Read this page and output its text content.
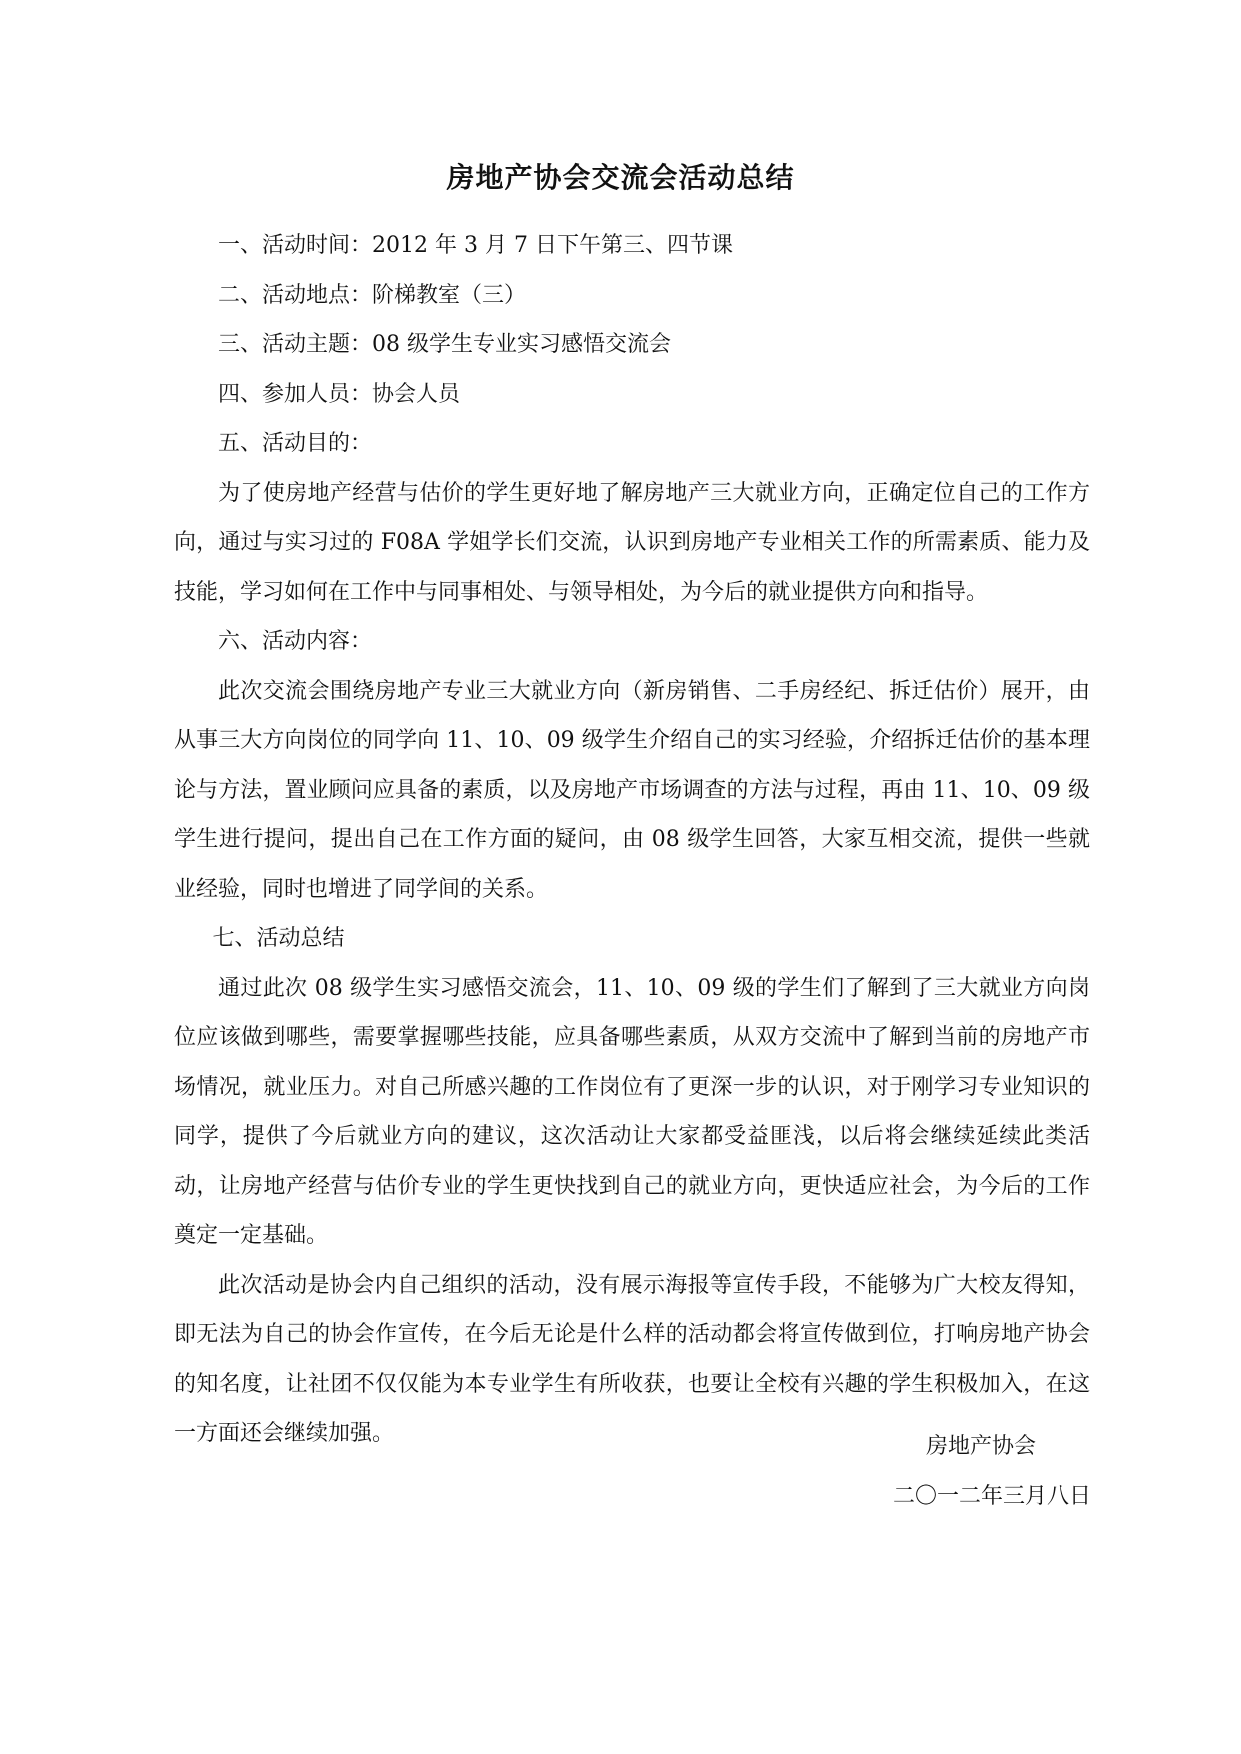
房地产协会交流会活动总结

一、活动时间：2012 年 3 月 7 日下午第三、四节课

二、活动地点：阶梯教室（三）

三、活动主题：08 级学生专业实习感悟交流会

四、参加人员：协会人员

五、活动目的：

为了使房地产经营与估价的学生更好地了解房地产三大就业方向，正确定位自己的工作方向，通过与实习过的 F08A 学姐学长们交流，认识到房地产专业相关工作的所需素质、能力及技能，学习如何在工作中与同事相处、与领导相处，为今后的就业提供方向和指导。

六、活动内容：

此次交流会围绕房地产专业三大就业方向（新房销售、二手房经纪、拆迁估价）展开，由从事三大方向岗位的同学向 11、10、09 级学生介绍自己的实习经验，介绍拆迁估价的基本理论与方法，置业顾问应具备的素质，以及房地产市场调查的方法与过程，再由 11、10、09 级学生进行提问，提出自己在工作方面的疑问，由 08 级学生回答，大家互相交流，提供一些就业经验，同时也增进了同学间的关系。

七、活动总结

通过此次 08 级学生实习感悟交流会，11、10、09 级的学生们了解到了三大就业方向岗位应该做到哪些，需要掌握哪些技能，应具备哪些素质，从双方交流中了解到当前的房地产市场情况，就业压力。对自己所感兴趣的工作岗位有了更深一步的认识，对于刚学习专业知识的同学，提供了今后就业方向的建议，这次活动让大家都受益匪浅，以后将会继续延续此类活动，让房地产经营与估价专业的学生更快找到自己的就业方向，更快适应社会，为今后的工作奠定一定基础。

此次活动是协会内自己组织的活动，没有展示海报等宣传手段，不能够为广大校友得知，即无法为自己的协会作宣传，在今后无论是什么样的活动都会将宣传做到位，打响房地产协会的知名度，让社团不仅仅能为本专业学生有所收获，也要让全校有兴趣的学生积极加入，在这一方面还会继续加强。

房地产协会
二〇一二年三月八日
